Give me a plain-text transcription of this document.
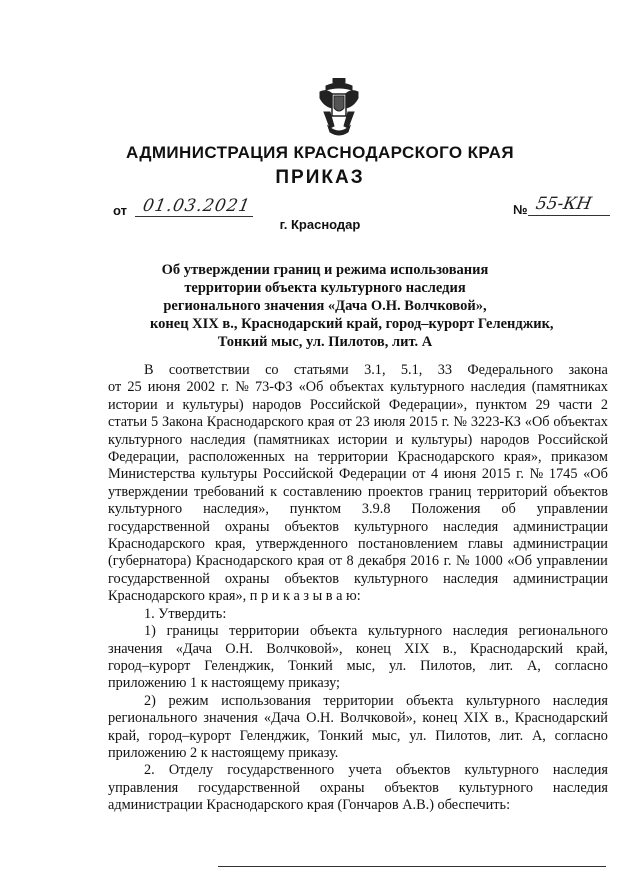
АДМИНИСТРАЦИЯ КРАСНОДАРСКОГО КРАЯ
ПРИКАЗ
от 01.03.2021	№ 55-КН
г. Краснодар
Об утверждении границ и режима использования
территории объекта культурного наследия
регионального значения «Дача О.Н. Волчковой»,
конец XIX в., Краснодарский край, город–курорт Геленджик,
Тонкий мыс, ул. Пилотов, лит. А
В соответствии со статьями 3.1, 5.1, 33 Федерального закона
от 25 июня 2002 г. № 73-ФЗ «Об объектах культурного наследия (памятниках
истории и культуры) народов Российской Федерации», пунктом 29 части 2
статьи 5 Закона Краснодарского края от 23 июля 2015 г. № 3223-КЗ «Об объектах
культурного наследия (памятниках истории и культуры) народов Российской
Федерации, расположенных на территории Краснодарского края», приказом
Министерства культуры Российской Федерации от 4 июня 2015 г. № 1745 «Об
утверждении требований к составлению проектов границ территорий объектов
культурного наследия», пунктом 3.9.8 Положения об управлении
государственной охраны объектов культурного наследия администрации
Краснодарского края, утвержденного постановлением главы администрации
(губернатора) Краснодарского края от 8 декабря 2016 г. № 1000 «Об управлении
государственной охраны объектов культурного наследия администрации
Краснодарского края», п р и к а з ы в а ю:
1. Утвердить:
1) границы территории объекта культурного наследия регионального
значения «Дача О.Н. Волчковой», конец XIX в., Краснодарский край,
город–курорт Геленджик, Тонкий мыс, ул. Пилотов, лит. А, согласно
приложению 1 к настоящему приказу;
2) режим использования территории объекта культурного наследия
регионального значения «Дача О.Н. Волчковой», конец XIX в., Краснодарский
край, город–курорт Геленджик, Тонкий мыс, ул. Пилотов, лит. А, согласно
приложению 2 к настоящему приказу.
2. Отделу государственного учета объектов культурного наследия
управления государственной охраны объектов культурного наследия
администрации Краснодарского края (Гончаров А.В.) обеспечить:
